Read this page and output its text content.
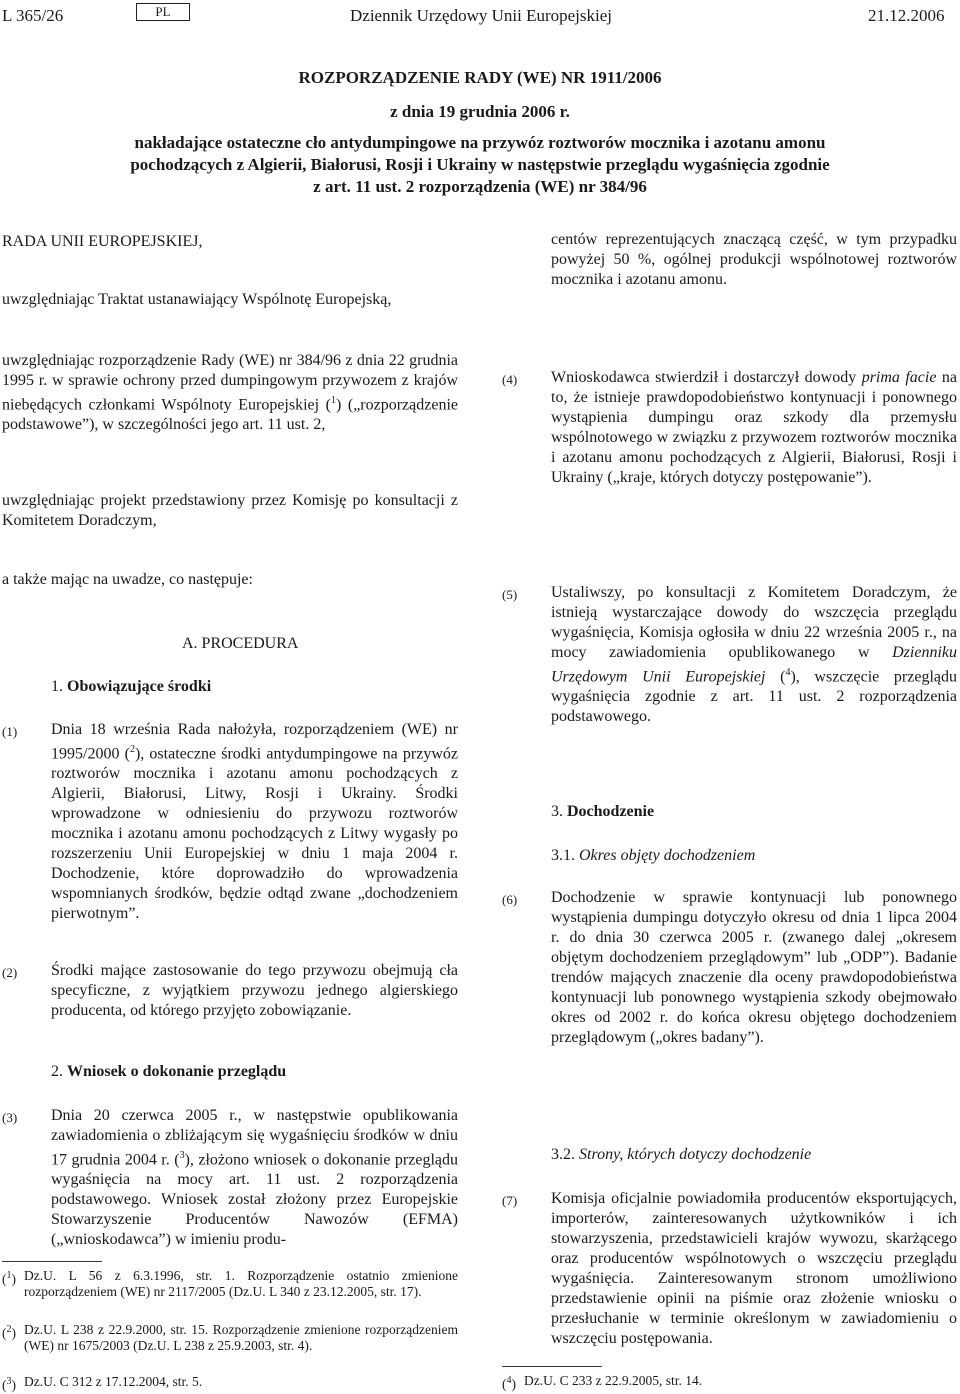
L 365/26	PL	Dziennik Urzędowy Unii Europejskiej	21.12.2006
ROZPORZĄDZENIE RADY (WE) NR 1911/2006
z dnia 19 grudnia 2006 r.
nakładające ostateczne cło antydumpingowe na przywóz roztworów mocznika i azotanu amonu
pochodzących z Algierii, Białorusi, Rosji i Ukrainy w następstwie przeglądu wygaśnięcia zgodnie
z art. 11 ust. 2 rozporządzenia (WE) nr 384/96

RADA UNII EUROPEJSKIEJ,

uwzględniając Traktat ustanawiający Wspólnotę Europejską,

uwzględniając rozporządzenie Rady (WE) nr 384/96 z dnia 22 grudnia 1995 r. w sprawie ochrony przed dumpingowym przywozem z krajów niebędących członkami Wspólnoty Europejskiej ($^1$) („rozporządzenie podstawowe”), w szczególności jego art. 11 ust. 2,

uwzględniając projekt przedstawiony przez Komisję po konsultacji z Komitetem Doradczym,

a także mając na uwadze, co następuje:

A. PROCEDURA
1. Obowiązujące środki
(1) Dnia 18 września Rada nałożyła, rozporządzeniem (WE) nr 1995/2000 ($^2$), ostateczne środki antydumpingowe na przywóz roztworów mocznika i azotanu amonu pochodzących z Algierii, Białorusi, Litwy, Rosji i Ukrainy. Środki wprowadzone w odniesieniu do przywozu roztworów mocznika i azotanu amonu pochodzących z Litwy wygasły po rozszerzeniu Unii Europejskiej w dniu 1 maja 2004 r. Dochodzenie, które doprowadziło do wprowadzenia wspomnianych środków, będzie odtąd zwane „dochodzeniem pierwotnym”.

(2) Środki mające zastosowanie do tego przywozu obejmują cła specyficzne, z wyjątkiem przywozu jednego algierskiego producenta, od którego przyjęto zobowiązanie.

2. Wniosek o dokonanie przeglądu
(3) Dnia 20 czerwca 2005 r., w następstwie opublikowania zawiadomienia o zbliżającym się wygaśnięciu środków w dniu 17 grudnia 2004 r. ($^3$), złożono wniosek o dokonanie przeglądu wygaśnięcia na mocy art. 11 ust. 2 rozporządzenia podstawowego. Wniosek został złożony przez Europejskie Stowarzyszenie Producentów Nawozów (EFMA) („wnioskodawca”) w imieniu produ-

($^1$) Dz.U. L 56 z 6.3.1996, str. 1. Rozporządzenie ostatnio zmienione rozporządzeniem (WE) nr 2117/2005 (Dz.U. L 340 z 23.12.2005, str. 17).
($^2$) Dz.U. L 238 z 22.9.2000, str. 15. Rozporządzenie zmienione rozporządzeniem (WE) nr 1675/2003 (Dz.U. L 238 z 25.9.2003, str. 4).
($^3$) Dz.U. C 312 z 17.12.2004, str. 5.

centów reprezentujących znaczącą część, w tym przypadku powyżej 50 %, ogólnej produkcji wspólnotowej roztworów mocznika i azotanu amonu.

(4) Wnioskodawca stwierdził i dostarczył dowody prima facie na to, że istnieje prawdopodobieństwo kontynuacji i ponownego wystąpienia dumpingu oraz szkody dla przemysłu wspólnotowego w związku z przywozem roztworów mocznika i azotanu amonu pochodzących z Algierii, Białorusi, Rosji i Ukrainy („kraje, których dotyczy postępowanie”).

(5) Ustaliwszy, po konsultacji z Komitetem Doradczym, że istnieją wystarczające dowody do wszczęcia przeglądu wygaśnięcia, Komisja ogłosiła w dniu 22 września 2005 r., na mocy zawiadomienia opublikowanego w Dzienniku Urzędowym Unii Europejskiej ($^4$), wszczęcie przeglądu wygaśnięcia zgodnie z art. 11 ust. 2 rozporządzenia podstawowego.

3. Dochodzenie
3.1. Okres objęty dochodzeniem
(6) Dochodzenie w sprawie kontynuacji lub ponownego wystąpienia dumpingu dotyczyło okresu od dnia 1 lipca 2004 r. do dnia 30 czerwca 2005 r. (zwanego dalej „okresem objętym dochodzeniem przeglądowym” lub „ODP”). Badanie trendów mających znaczenie dla oceny prawdopodobieństwa kontynuacji lub ponownego wystąpienia szkody obejmowało okres od 2002 r. do końca okresu objętego dochodzeniem przeglądowym („okres badany”).

3.2. Strony, których dotyczy dochodzenie
(7) Komisja oficjalnie powiadomiła producentów eksportujących, importerów, zainteresowanych użytkowników i ich stowarzyszenia, przedstawicieli krajów wywozu, skarżącego oraz producentów wspólnotowych o wszczęciu przeglądu wygaśnięcia. Zainteresowanym stronom umożliwiono przedstawienie opinii na piśmie oraz złożenie wniosku o przesłuchanie w terminie określonym w zawiadomieniu o wszczęciu postępowania.

($^4$) Dz.U. C 233 z 22.9.2005, str. 14.
